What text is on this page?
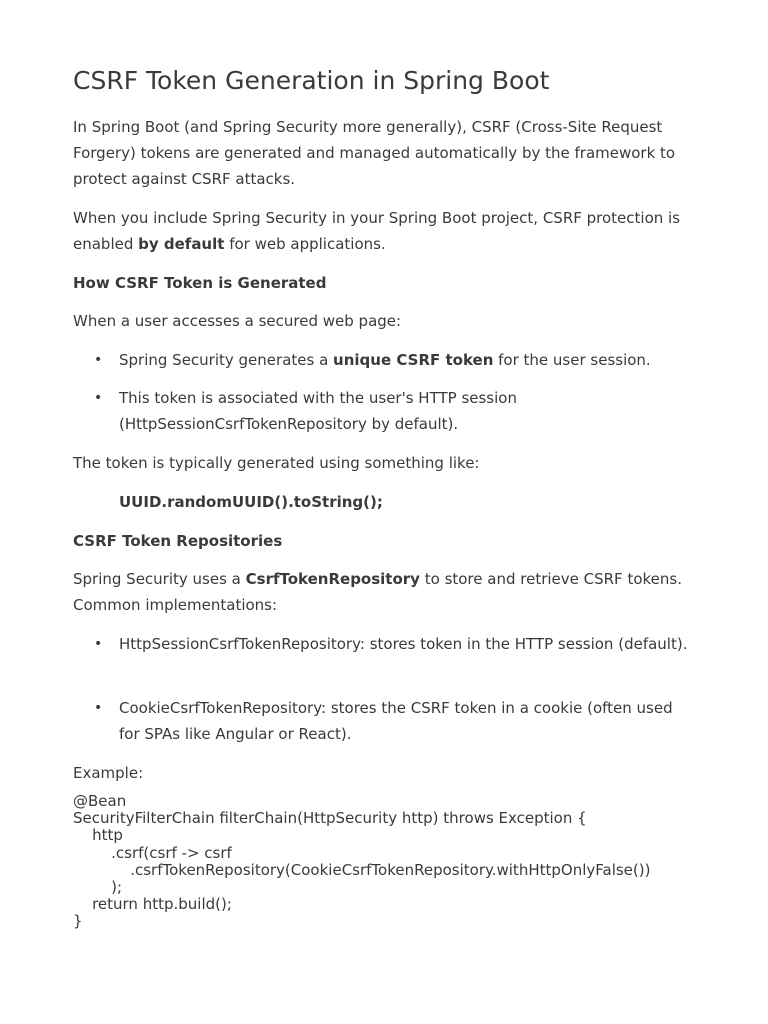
CSRF Token Generation in Spring Boot

In Spring Boot (and Spring Security more generally), CSRF (Cross-Site Request Forgery) tokens are generated and managed automatically by the framework to protect against CSRF attacks.

When you include Spring Security in your Spring Boot project, CSRF protection is enabled by default for web applications.

How CSRF Token is Generated

When a user accesses a secured web page:

• Spring Security generates a unique CSRF token for the user session.
• This token is associated with the user's HTTP session (HttpSessionCsrfTokenRepository by default).

The token is typically generated using something like:

UUID.randomUUID().toString();

CSRF Token Repositories

Spring Security uses a CsrfTokenRepository to store and retrieve CSRF tokens. Common implementations:

• HttpSessionCsrfTokenRepository: stores token in the HTTP session (default).
• CookieCsrfTokenRepository: stores the CSRF token in a cookie (often used for SPAs like Angular or React).

Example:

@Bean
SecurityFilterChain filterChain(HttpSecurity http) throws Exception {
http
.csrf(csrf -> csrf
.csrfTokenRepository(CookieCsrfTokenRepository.withHttpOnlyFalse())
);
return http.build();
}
